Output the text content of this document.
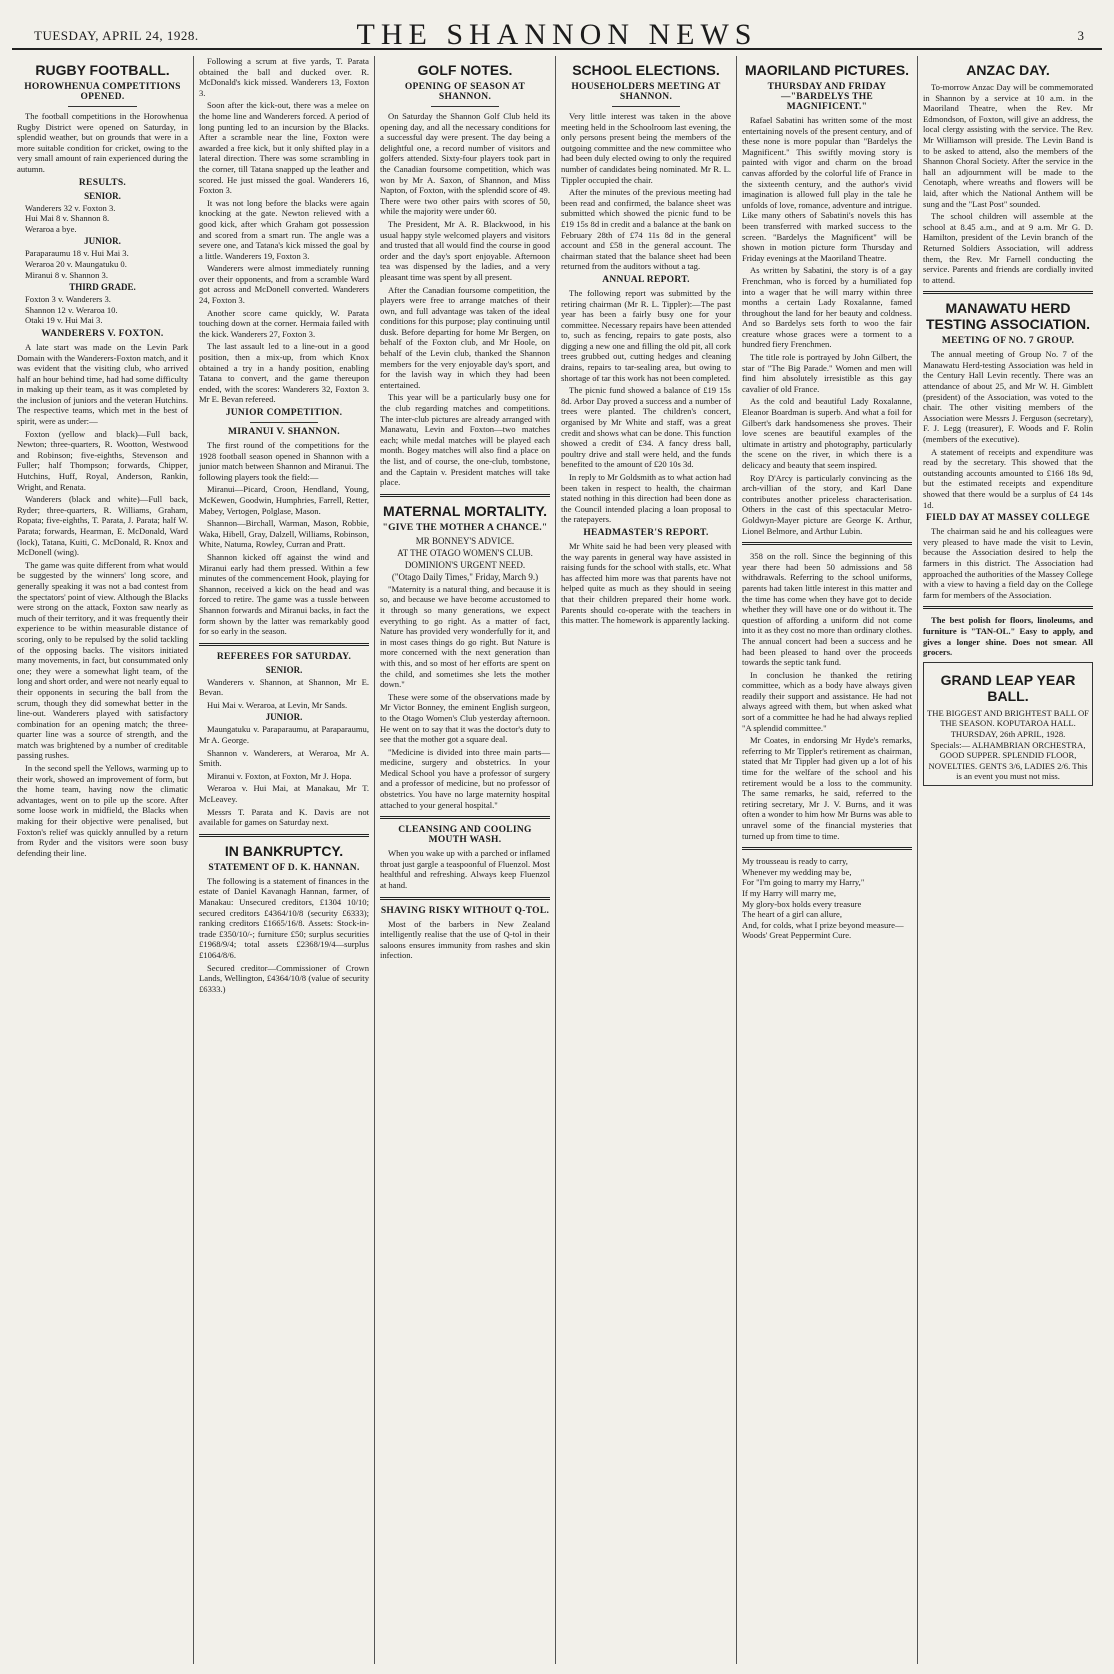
TUESDAY, APRIL 24, 1928.	THE SHANNON NEWS	3
RUGBY FOOTBALL.
HOROWHENUA COMPETITIONS OPENED.

The football competitions in the Horowhenua Rugby District were opened on Saturday, in splendid weather, but on grounds that were in a more suitable condition for cricket, owing to the very small amount of rain experienced during the autumn.

RESULTS.
SENIOR.
Wanderers 32 v. Foxton 3.
Hui Mai 8 v. Shannon 8.
Weraroa a bye.
JUNIOR.
Paraparaumu 18 v. Hui Mai 3.
Weraroa 20 v. Maungatuku 0.
Miranui 8 v. Shannon 3.
THIRD GRADE.
Foxton 3 v. Wanderers 3.
Shannon 12 v. Weraroa 10.
Otaki 19 v. Hui Mai 3.
WANDERERS V. FOXTON.

A late start was made on the Levin Park Domain with the Wanderers-Foxton match, and it was evident that the visiting club, who arrived half an hour behind time, had had some difficulty in making up their team, as it was completed by the inclusion of juniors and the veteran Hutchins. The respective teams, which met in the best of spirit, were as under:—

Foxton (yellow and black)—Full back, Newton; three-quarters, R. Wootton, Westwood and Robinson; five-eighths, Stevenson and Fuller; half Thompson; forwards, Chipper, Hutchins, Huff, Royal, Anderson, Rankin, Wright, and Renata.

Wanderers (black and white)—Full back, Ryder; three-quarters, R. Williams, Graham, Ropata; five-eighths, T. Parata, J. Parata; half W. Parata; forwards, Hearman, E. McDonald, Ward (lock), Tatana, Kuiti, C. McDonald, R. Knox and McDonell (wing).

The game was quite different from what would be suggested by the winners' long score, and generally speaking it was not a bad contest from the spectators' point of view. Although the Blacks were strong on the attack, Foxton saw nearly as much of their territory, and it was frequently their experience to be within measurable distance of scoring, only to be repulsed by the solid tackling of the opposing backs. The visitors initiated many movements, in fact, but consummated only one; they were a somewhat light team, of the long and short order, and were not nearly equal to their opponents in securing the ball from the scrum, though they did somewhat better in the line-out. Wanderers played with satisfactory combination for an opening match; the three-quarter line was a source of strength, and the match was brightened by a number of creditable passing rushes.

In the second spell the Yellows, warming up to their work, showed an improvement of form, but the home team, having now the climatic advantages, went on to pile up the score. After some loose work in midfield, the Blacks when making for their objective were penalised, but Foxton's relief was quickly annulled by a return from Ryder and the visitors were soon busy defending their line.

Following a scrum at five yards, T. Parata obtained the ball and ducked over. R. McDonald's kick missed. Wanderers 13, Foxton 3.

Soon after the kick-out, there was a melee on the home line and Wanderers forced. A period of long punting led to an incursion by the Blacks. After a scramble near the line, Foxton were awarded a free kick, but it only shifted play in a lateral direction. There was some scrambling in the corner, till Tatana snapped up the leather and scored. He just missed the goal. Wanderers 16, Foxton 3.

It was not long before the blacks were again knocking at the gate. Newton relieved with a good kick, after which Graham got possession and scored from a smart run. The angle was a severe one, and Tatana's kick missed the goal by a little. Wanderers 19, Foxton 3.

Wanderers were almost immediately running over their opponents, and from a scramble Ward got across and McDonell converted. Wanderers 24, Foxton 3.

Another score came quickly, W. Parata touching down at the corner. Hermaia failed with the kick. Wanderers 27, Foxton 3.

The last assault led to a line-out in a good position, then a mix-up, from which Knox obtained a try in a handy position, enabling Tatana to convert, and the game thereupon ended, with the scores: Wanderers 32, Foxton 3. Mr E. Bevan refereed.

JUNIOR COMPETITION.
MIRANUI V. SHANNON.

The first round of the competitions for the 1928 football season opened in Shannon with a junior match between Shannon and Miranui. The following players took the field:—

Miranui—Picard, Croon, Hendland, Young, McKewen, Goodwin, Humphries, Farrell, Retter, Mabey, Vertogen, Polglase, Mason.

Shannon—Birchall, Warman, Mason, Robbie, Waka, Hibell, Gray, Dalzell, Williams, Robinson, White, Natuma, Rowley, Curran and Pratt.

Shannon kicked off against the wind and Miranui early had them pressed. Within a few minutes of the commencement Hook, playing for Shannon, received a kick on the head and was forced to retire. The game was a tussle between Shannon forwards and Miranui backs, in fact the form shown by the latter was remarkably good for so early in the season.

REFEREES FOR SATURDAY.
SENIOR.

Wanderers v. Shannon, at Shannon, Mr E. Bevan.

Hui Mai v. Weraroa, at Levin, Mr Sands.

JUNIOR.

Maungatuku v. Paraparaumu, at Paraparaumu, Mr A. George.

Shannon v. Wanderers, at Weraroa, Mr A. Smith.

Miranui v. Foxton, at Foxton, Mr J. Hopa.

Weraroa v. Hui Mai, at Manakau, Mr T. McLeavey.

Messrs T. Parata and K. Davis are not available for games on Saturday next.

IN BANKRUPTCY.
STATEMENT OF D. K. HANNAN.

The following is a statement of finances in the estate of Daniel Kavanagh Hannan, farmer, of Manakau: Unsecured creditors, £1304 10/10; secured creditors £4364/10/8 (security £6333); ranking creditors £1665/16/8. Assets: Stock-in-trade £350/10/-; furniture £50; surplus securities £1968/9/4; total assets £2368/19/4—surplus £1064/8/6.

Secured creditor—Commissioner of Crown Lands, Wellington, £4364/10/8 (value of security £6333.)

GOLF NOTES.
OPENING OF SEASON AT SHANNON.

On Saturday the Shannon Golf Club held its opening day, and all the necessary conditions for a successful day were present. The day being a delightful one, a record number of visitors and golfers attended. Sixty-four players took part in the Canadian foursome competition, which was won by Mr A. Saxon, of Shannon, and Miss Napton, of Foxton, with the splendid score of 49. There were two other pairs with scores of 50, while the majority were under 60.

The President, Mr A. R. Blackwood, in his usual happy style welcomed players and visitors and trusted that all would find the course in good order and the day's sport enjoyable. Afternoon tea was dispensed by the ladies, and a very pleasant time was spent by all present.

After the Canadian foursome competition, the players were free to arrange matches of their own, and full advantage was taken of the ideal conditions for this purpose; play continuing until dusk. Before departing for home Mr Bergen, on behalf of the Foxton club, and Mr Hoole, on behalf of the Levin club, thanked the Shannon members for the very enjoyable day's sport, and for the lavish way in which they had been entertained.

This year will be a particularly busy one for the club regarding matches and competitions. The inter-club pictures are already arranged with Manawatu, Levin and Foxton—two matches each; while medal matches will be played each month. Bogey matches will also find a place on the list, and of course, the one-club, tombstone, and the Captain v. President matches will take place.

MATERNAL MORTALITY.
"GIVE THE MOTHER A CHANCE."
MR BONNEY'S ADVICE.
AT THE OTAGO WOMEN'S CLUB.
DOMINION'S URGENT NEED.
("Otago Daily Times," Friday, March 9.)

"Maternity is a natural thing, and because it is so, and because we have become accustomed to it through so many generations, we expect everything to go right. As a matter of fact, Nature has provided very wonderfully for it, and in most cases things do go right. But Nature is more concerned with the next generation than with this, and so most of her efforts are spent on the child, and sometimes she lets the mother down."

These were some of the observations made by Mr Victor Bonney, the eminent English surgeon, to the Otago Women's Club yesterday afternoon. He went on to say that it was the doctor's duty to see that the mother got a square deal.

"Medicine is divided into three main parts—medicine, surgery and obstetrics. In your Medical School you have a professor of surgery and a professor of medicine, but no professor of obstetrics. You have no large maternity hospital attached to your general hospital."

CLEANSING AND COOLING MOUTH WASH.

When you wake up with a parched or inflamed throat just gargle a teaspoonful of Fluenzol. Most healthful and refreshing. Always keep Fluenzol at hand.

SHAVING RISKY WITHOUT Q-TOL.

Most of the barbers in New Zealand intelligently realise that the use of Q-tol in their saloons ensures immunity from rashes and skin infection.

SCHOOL ELECTIONS.
HOUSEHOLDERS MEETING AT SHANNON.

Very little interest was taken in the above meeting held in the Schoolroom last evening, the only persons present being the members of the outgoing committee and the new committee who had been duly elected owing to only the required number of candidates being nominated. Mr R. L. Tippler occupied the chair.

After the minutes of the previous meeting had been read and confirmed, the balance sheet was submitted which showed the picnic fund to be £19 15s 8d in credit and a balance at the bank on February 28th of £74 11s 8d in the general account and £58 in the general account. The chairman stated that the balance sheet had been returned from the auditors without a tag.

ANNUAL REPORT.

The following report was submitted by the retiring chairman (Mr R. L. Tippler):—The past year has been a fairly busy one for your committee. Necessary repairs have been attended to, such as fencing, repairs to gate posts, also digging a new one and filling the old pit, all cork trees grubbed out, cutting hedges and cleaning drains, repairs to tar-sealing area, but owing to shortage of tar this work has not been completed.

The picnic fund showed a balance of £19 15s 8d. Arbor Day proved a success and a number of trees were planted. The children's concert, organised by Mr White and staff, was a great credit and shows what can be done. This function showed a credit of £34. A fancy dress ball, poultry drive and stall were held, and the funds benefited to the amount of £20 10s 3d.

In reply to Mr Goldsmith as to what action had been taken in respect to health, the chairman stated nothing in this direction had been done as the Council intended placing a loan proposal to the ratepayers.

HEADMASTER'S REPORT.

Mr White said he had been very pleased with the way parents in general way have assisted in raising funds for the school with stalls, etc. What has affected him more was that parents have not helped quite as much as they should in seeing that their children prepared their home work. Parents should co-operate with the teachers in this matter. The homework is apparently lacking.

MAORILAND PICTURES.
THURSDAY AND FRIDAY—"BARDELYS THE MAGNIFICENT."

Rafael Sabatini has written some of the most entertaining novels of the present century, and of these none is more popular than "Bardelys the Magnificent." This swiftly moving story is painted with vigor and charm on the broad canvas afforded by the colorful life of France in the sixteenth century, and the author's vivid imagination is allowed full play in the tale he unfolds of love, romance, adventure and intrigue. Like many others of Sabatini's novels this has been transferred with marked success to the screen. "Bardelys the Magnificent" will be shown in motion picture form Thursday and Friday evenings at the Maoriland Theatre.

As written by Sabatini, the story is of a gay Frenchman, who is forced by a humiliated fop into a wager that he will marry within three months a certain Lady Roxalanne, famed throughout the land for her beauty and coldness. And so Bardelys sets forth to woo the fair creature whose graces were a torment to a hundred fiery Frenchmen.

The title role is portrayed by John Gilbert, the star of "The Big Parade." Women and men will find him absolutely irresistible as this gay cavalier of old France.

As the cold and beautiful Lady Roxalanne, Eleanor Boardman is superb. And what a foil for Gilbert's dark handsomeness she proves. Their love scenes are beautiful examples of the ultimate in artistry and photography, particularly the scene on the river, in which there is a delicacy and beauty that seem inspired.

Roy D'Arcy is particularly convincing as the arch-villian of the story, and Karl Dane contributes another priceless characterisation. Others in the cast of this spectacular Metro-Goldwyn-Mayer picture are George K. Arthur, Lionel Belmore, and Arthur Lubin.

358 on the roll. Since the beginning of this year there had been 50 admissions and 58 withdrawals. Referring to the school uniforms, parents had taken little interest in this matter and the time has come when they have got to decide whether they will have one or do without it. The question of affording a uniform did not come into it as they cost no more than ordinary clothes. The annual concert had been a success and he had been pleased to hand over the proceeds towards the septic tank fund.

In conclusion he thanked the retiring committee, which as a body have always given readily their support and assistance. He had not always agreed with them, but when asked what sort of a committee he had he had always replied "A splendid committee."

Mr Coates, in endorsing Mr Hyde's remarks, referring to Mr Tippler's retirement as chairman, stated that Mr Tippler had given up a lot of his time for the welfare of the school and his retirement would be a loss to the community. The same remarks, he said, referred to the retiring secretary, Mr J. V. Burns, and it was often a wonder to him how Mr Burns was able to unravel some of the financial mysteries that turned up from time to time.

My trousseau is ready to carry,
Whenever my wedding may be,
For "I'm going to marry my Harry,"
If my Harry will marry me,
My glory-box holds every treasure
The heart of a girl can allure,
And, for colds, what I prize beyond measure—
Woods' Great Peppermint Cure.

ANZAC DAY.

To-morrow Anzac Day will be commemorated in Shannon by a service at 10 a.m. in the Maoriland Theatre, when the Rev. Mr Edmondson, of Foxton, will give an address, the local clergy assisting with the service. The Rev. Mr Williamson will preside. The Levin Band is to be asked to attend, also the members of the Shannon Choral Society. After the service in the hall an adjournment will be made to the Cenotaph, where wreaths and flowers will be laid, after which the National Anthem will be sung and the "Last Post" sounded.

The school children will assemble at the school at 8.45 a.m., and at 9 a.m. Mr G. D. Hamilton, president of the Levin branch of the Returned Soldiers Association, will address them, the Rev. Mr Farnell conducting the service. Parents and friends are cordially invited to attend.

MANAWATU HERD TESTING ASSOCIATION.
MEETING OF NO. 7 GROUP.

The annual meeting of Group No. 7 of the Manawatu Herd-testing Association was held in the Century Hall Levin recently. There was an attendance of about 25, and Mr W. H. Gimblett (president) of the Association, was voted to the chair. The other visiting members of the Association were Messrs J. Ferguson (secretary), F. J. Legg (treasurer), F. Woods and F. Rolin (members of the executive).

A statement of receipts and expenditure was read by the secretary. This showed that the outstanding accounts amounted to £166 18s 9d, but the estimated receipts and expenditure showed that there would be a surplus of £4 14s 1d.

FIELD DAY AT MASSEY COLLEGE

The chairman said he and his colleagues were very pleased to have made the visit to Levin, because the Association desired to help the farmers in this district. The Association had approached the authorities of the Massey College with a view to having a field day on the College farm for members of the Association.

The best polish for floors, linoleums, and furniture is "TAN-OL." Easy to apply, and gives a longer shine. Does not smear. All grocers.

GRAND LEAP YEAR BALL.
THE BIGGEST AND BRIGHTEST BALL OF THE SEASON. KOPUTAROA HALL. THURSDAY, 26th APRIL, 1928.
Specials:— ALHAMBRIAN ORCHESTRA, GOOD SUPPER. SPLENDID FLOOR, NOVELTIES. GENTS 3/6, LADIES 2/6. This is an event you must not miss.
